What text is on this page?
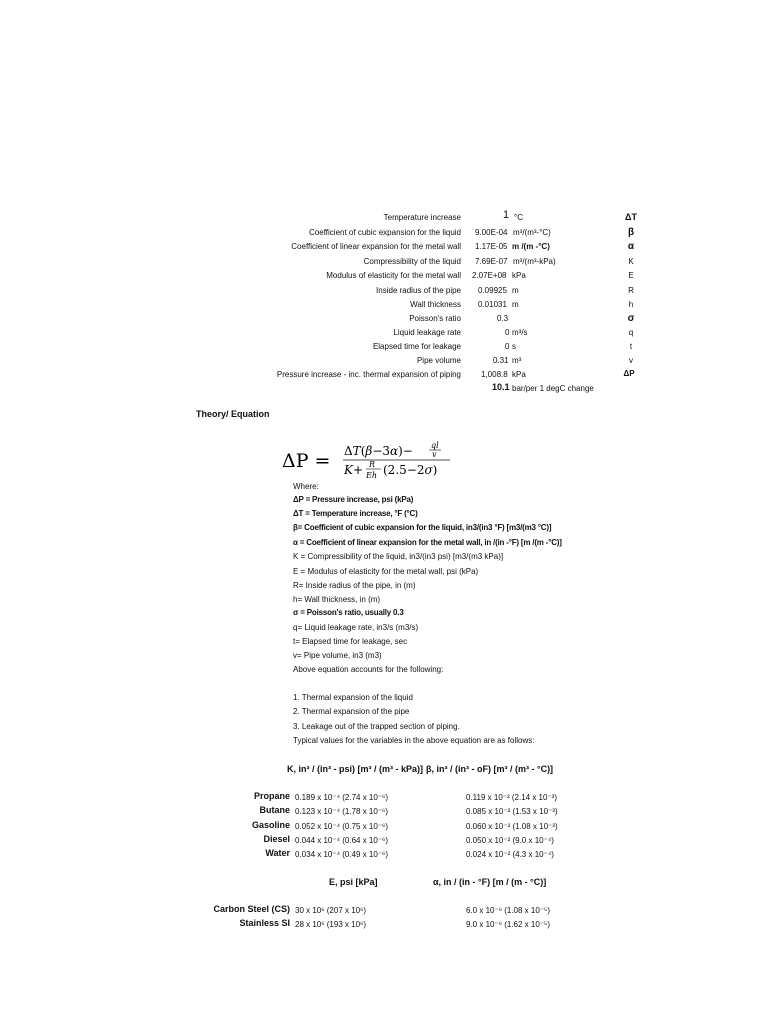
Temperature increase	1 °C	ΔT
Coefficient of cubic expansion for the liquid 9.00E-04 m³/(m³-°C)	β
Coefficient of linear expansion for the metal wall 1.17E-05 m /(m -°C)	α
Compressibility of the liquid 7.69E-07 m³/(m³-kPa)	K
Modulus of elasticity for the metal wall 2.07E+08 kPa	E
Inside radius of the pipe 0.09925 m	R
Wall thickness 0.01031 m	h
Poisson's ratio	0.3	σ
Liquid leakage rate	0 m³/s	q
Elapsed time for leakage	0 s	t
Pipe volume	0.31 m³	v
Pressure increase - inc. thermal expansion of piping	1,008.8 kPa	ΔP
10.1 bar/per 1 degC change
Theory/ Equation
ΔP = ΔT(β−3α)− ql
v
K+ R
Eh (2.5−2σ)
Where:
ΔP = Pressure increase, psi (kPa)
ΔT = Temperature increase, °F (°C)
β= Coefficient of cubic expansion for the liquid, in3/(in3 °F) [m3/(m3 °C)]
α = Coefficient of linear expansion for the metal wall, in /(in -°F) [m /(m -°C)]
K = Compressibility of the liquid, in3/(in3 psi) [m3/(m3 kPa)]
E = Modulus of elasticity for the metal wall, psi (kPa)
R= Inside radius of the pipe, in (m)
h= Wall thickness, in (m)
σ = Poisson's ratio, usually 0.3
q= Liquid leakage rate, in3/s (m3/s)
t= Elapsed time for leakage, sec
v= Pipe volume, in3 (m3)
Above equation accounts for the following:
1. Thermal expansion of the liquid
2. Thermal expansion of the pipe
3. Leakage out of the trapped section of piping.
Typical values for the variables in the above equation are as follows:
K, in³ / (in³ - psi) [m³ / (m³ - kPa)] β, in³ / (in³ - oF) [m³ / (m³ - °C)]
Propane 0.189 x 10⁻⁴ (2.74 x 10⁻⁶)	0.119 x 10⁻² (2.14 x 10⁻³)
Butane 0.123 x 10⁻⁴ (1.78 x 10⁻⁶)	0.085 x 10⁻² (1.53 x 10⁻³)
Gasoline 0.052 x 10⁻⁴ (0.75 x 10⁻⁶)	0.060 x 10⁻² (1.08 x 10⁻³)
Diesel 0.044 x 10⁻⁴ (0.64 x 10⁻⁶)	0.050 x 10⁻² (9.0 x 10⁻⁴)
Water 0.034 x 10⁻⁴ (0.49 x 10⁻⁶)	0.024 x 10⁻² (4.3 x 10⁻⁴)
E, psi [kPa]	α, in / (in - °F) [m / (m - °C)]
Carbon Steel (CS) 30 x 10⁶ (207 x 10⁶)	6.0 x 10⁻⁶ (1.08 x 10⁻⁵)
Stainless SI 28 x 10⁶ (193 x 10⁶)	9.0 x 10⁻⁶ (1.62 x 10⁻⁵)
